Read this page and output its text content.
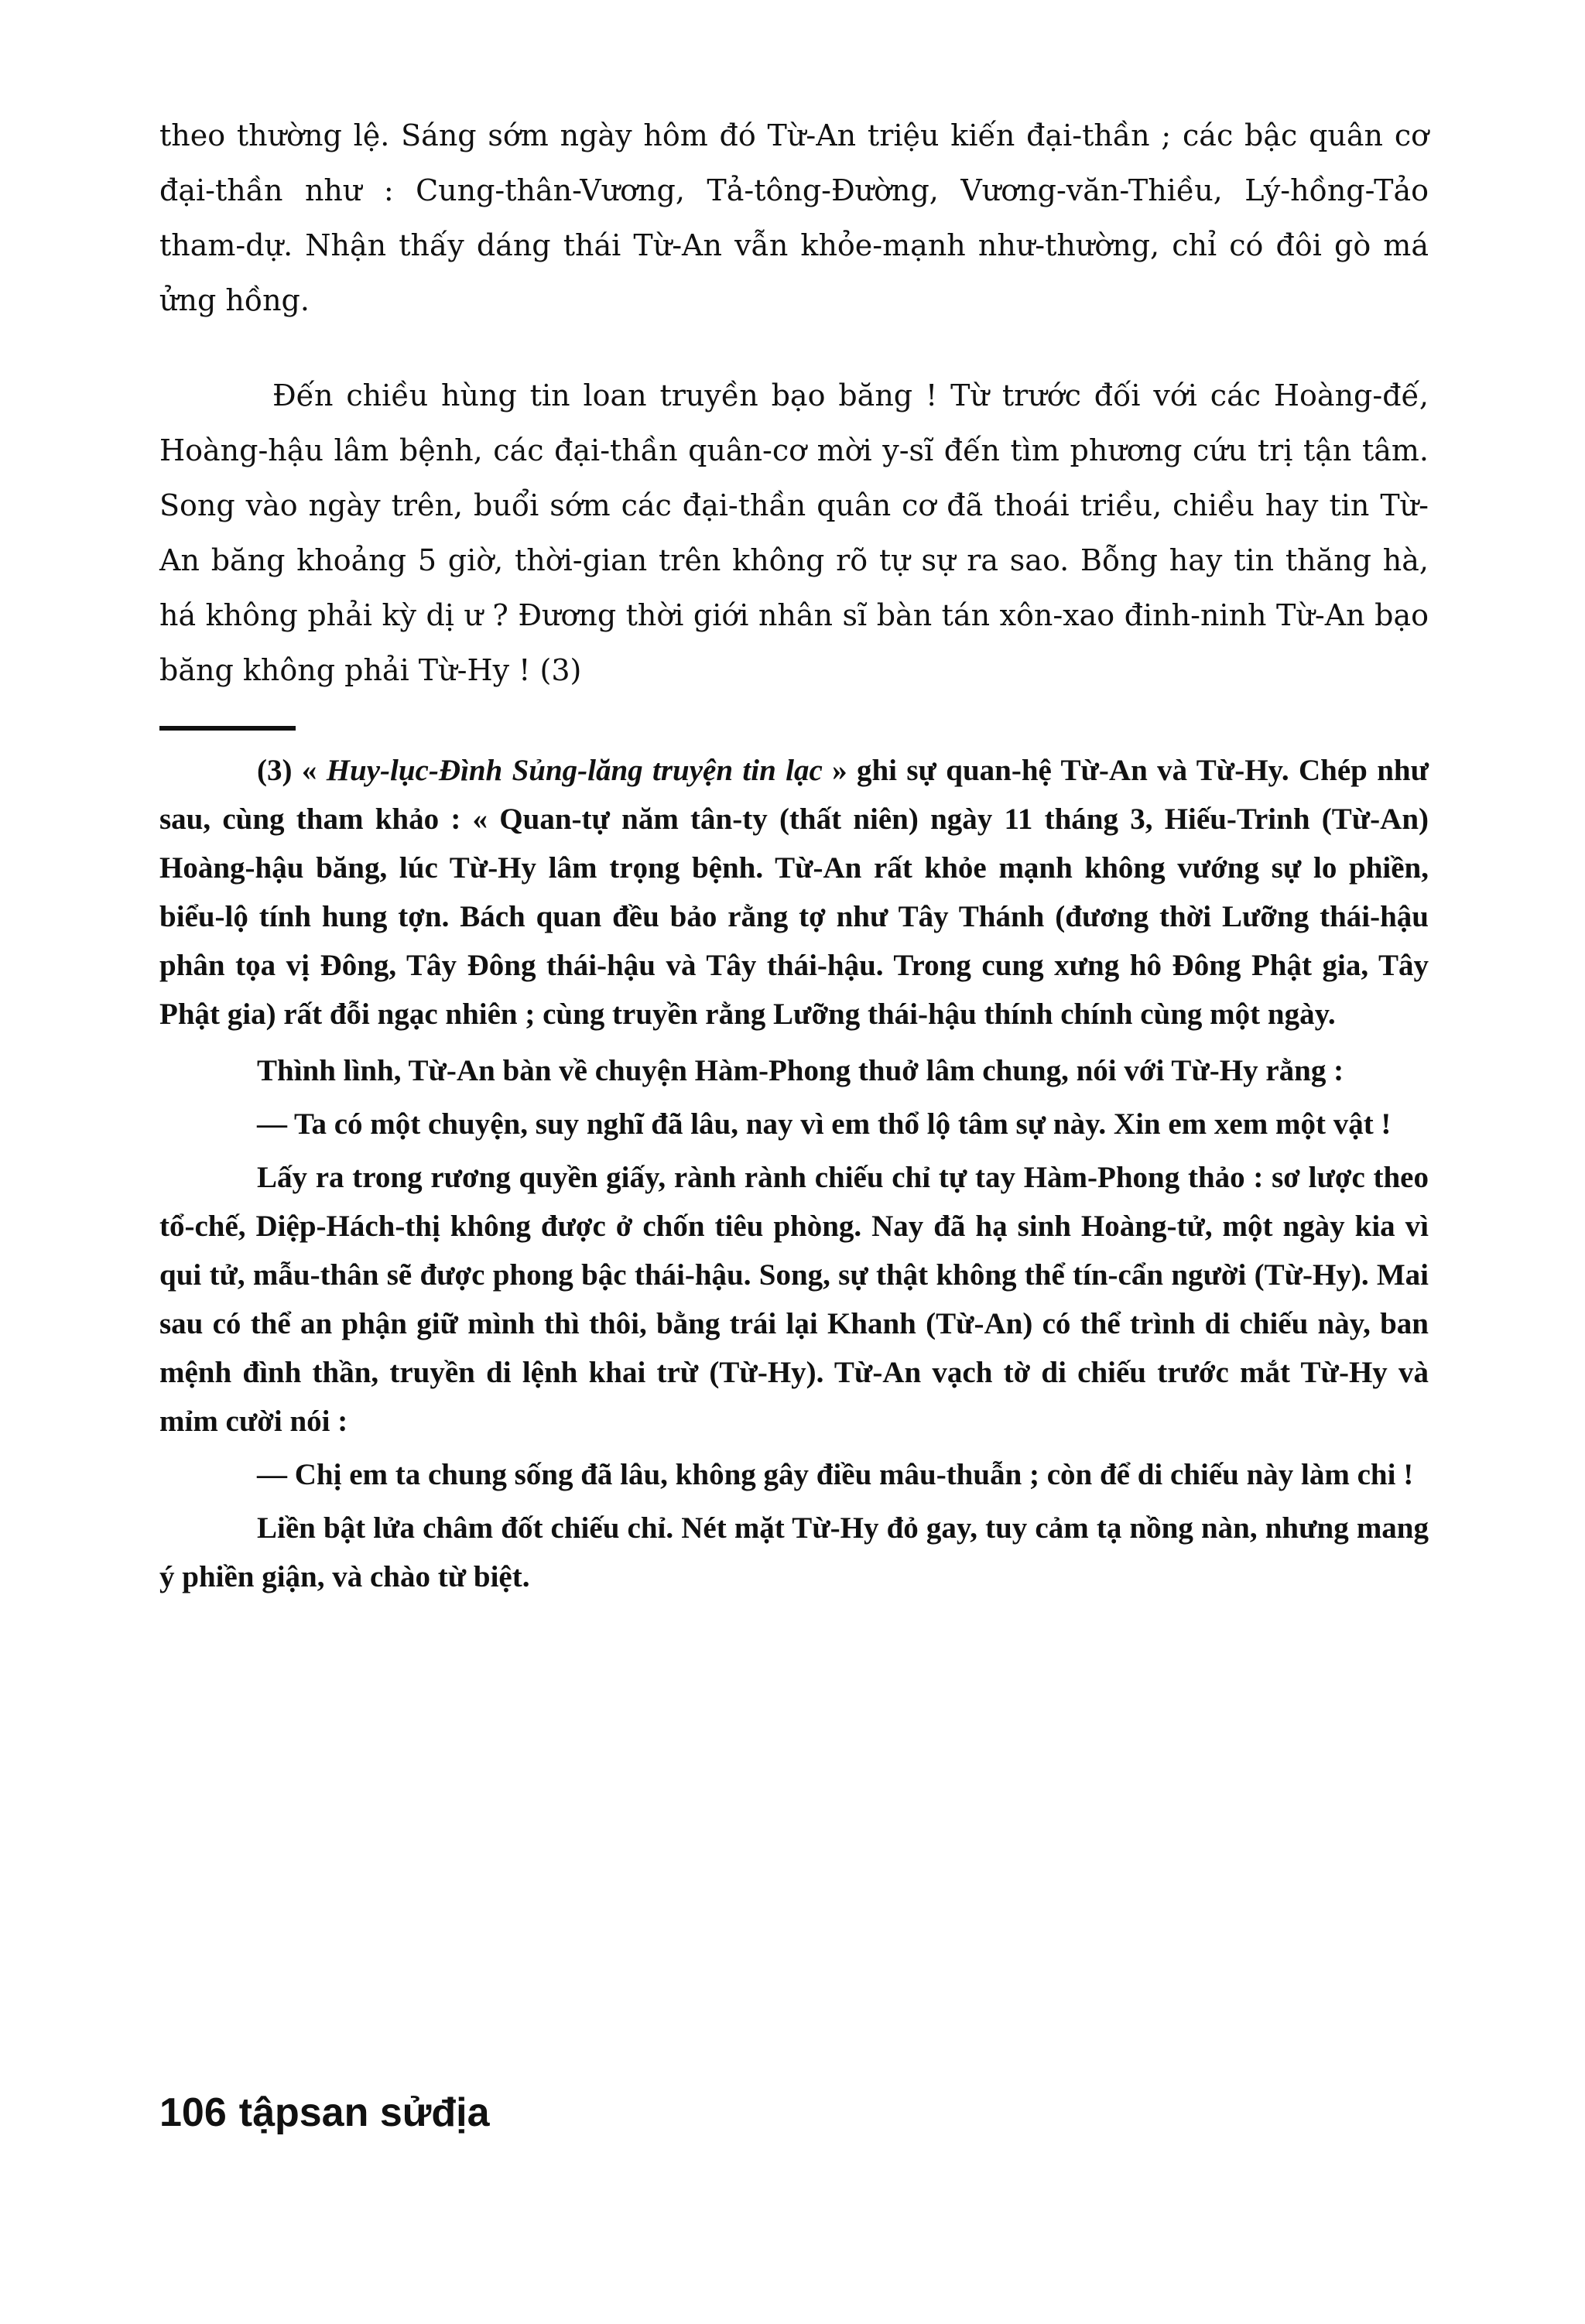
theo thường lệ. Sáng sớm ngày hôm đó Từ-An triệu kiến đại-thần ; các bậc quân cơ đại-thần như : Cung-thân-Vương, Tả-tông-Đường, Vương-văn-Thiều, Lý-hồng-Tảo tham-dự. Nhận thấy dáng thái Từ-An vẫn khỏe-mạnh như-thường, chỉ có đôi gò má ửng hồng.

Đến chiều hùng tin loan truyền bạo băng ! Từ trước đối với các Hoàng-đế, Hoàng-hậu lâm bệnh, các đại-thần quân-cơ mời y-sĩ đến tìm phương cứu trị tận tâm. Song vào ngày trên, buổi sớm các đại-thần quân cơ đã thoái triều, chiều hay tin Từ-An băng khoảng 5 giờ, thời-gian trên không rõ tự sự ra sao. Bỗng hay tin thăng hà, há không phải kỳ dị ư ? Đương thời giới nhân sĩ bàn tán xôn-xao đinh-ninh Từ-An bạo băng không phải Từ-Hy ! (3)

(3) « Huy-lục-Đình Sủng-lăng truyện tin lạc » ghi sự quan-hệ Từ-An và Từ-Hy. Chép như sau, cùng tham khảo : « Quan-tự năm tân-ty (thất niên) ngày 11 tháng 3, Hiếu-Trinh (Từ-An) Hoàng-hậu băng, lúc Từ-Hy lâm trọng bệnh. Từ-An rất khỏe mạnh không vướng sự lo phiền, biểu-lộ tính hung tợn. Bách quan đều bảo rằng tợ như Tây Thánh (đương thời Lưỡng thái-hậu phân tọa vị Đông, Tây Đông thái-hậu và Tây thái-hậu. Trong cung xưng hô Đông Phật gia, Tây Phật gia) rất đỗi ngạc nhiên ; cùng truyền rằng Lưỡng thái-hậu thính chính cùng một ngày.

Thình lình, Từ-An bàn về chuyện Hàm-Phong thuở lâm chung, nói với Từ-Hy rằng :

— Ta có một chuyện, suy nghĩ đã lâu, nay vì em thổ lộ tâm sự này. Xin em xem một vật !

Lấy ra trong rương quyền giấy, rành rành chiếu chỉ tự tay Hàm-Phong thảo : sơ lược theo tổ-chế, Diệp-Hách-thị không được ở chốn tiêu phòng. Nay đã hạ sinh Hoàng-tử, một ngày kia vì qui tử, mẫu-thân sẽ được phong bậc thái-hậu. Song, sự thật không thể tín-cẩn người (Từ-Hy). Mai sau có thể an phận giữ mình thì thôi, bằng trái lại Khanh (Từ-An) có thể trình di chiếu này, ban mệnh đình thần, truyền di lệnh khai trừ (Từ-Hy). Từ-An vạch tờ di chiếu trước mắt Từ-Hy và mỉm cười nói :

— Chị em ta chung sống đã lâu, không gây điều mâu-thuẫn ; còn để di chiếu này làm chi !

Liền bật lửa châm đốt chiếu chỉ. Nét mặt Từ-Hy đỏ gay, tuy cảm tạ nồng nàn, nhưng mang ý phiền giận, và chào từ biệt.

106 tậpsan sửđịa
